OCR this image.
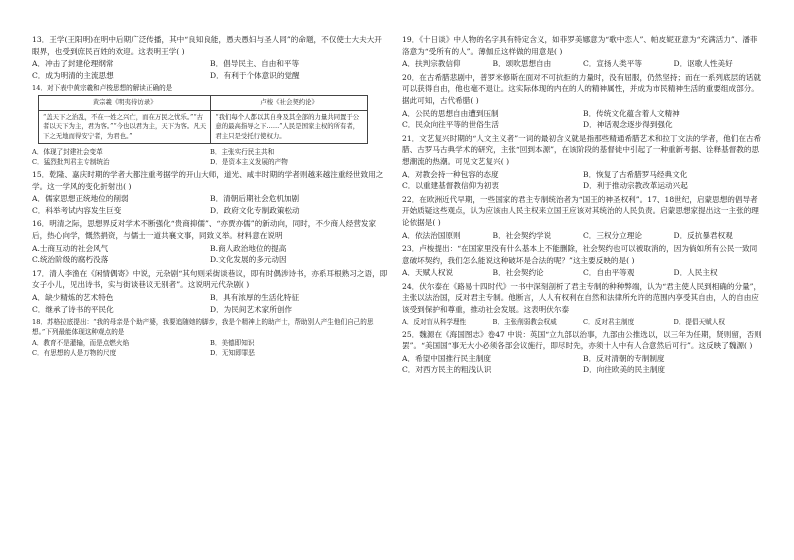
13．王学(王阳明)在明中后期广泛传播，其中“良知良能，愚夫愚妇与圣人同”的命题，不仅使士大夫大开眼界，也受到庶民百姓的欢迎。这表明王学( )

A．冲击了封建伦理纲常	B．倡导民主、自由和平等
C．成为明清的主流思想	D．有利于个体意识的觉醒

14．对下表中黄宗羲和卢梭思想的解读正确的是

黄宗羲《明夷待访录》	卢梭《社会契约论》
“盖天下之治乱，不在一姓之兴亡，而在万民之忧乐。”“古者以天下为主，君为客。”“今也以君为主，天下为客。凡天下之无地而得安宁者，为君也。”	“我们每个人都以其自身及其全部的力量共同置于公意的最高指导之下……”人民是国家主权的所有者，君主只是受托行使权力。
A．体现了封建社会变革	B．主张实行民主共和
C．猛烈批判君主专制统治	D．是资本主义发展的产物

15．乾隆、嘉庆时期的学者大都注重考据学的开山大师，道光、咸丰时期的学者则越来越注重经世致用之学。这一学风的变化折射出( )

A．儒家思想正统地位的削弱	B．清朝后期社会危机加剧
C．科举考试内容发生巨变	D．政府文化专制政策松动

16．明清之际，思想界反对学术不断强化“贵商抑儒”、“亦贾亦儒”的新动向，同时，不少商人经营发家后，热心向学，慨然捐资，与儒士一道共襄文事，同致义举。材料意在说明

A.士商互动的社会风气	B.商人政治地位的提高
C.统治阶级的腐朽没落	D.文化发展的多元动因

17．清人李渔在《闲情偶寄》中说，元杂剧“其句则采街谈巷议，即有时偶涉诗书，亦系耳根熟习之语，即女子小儿，见出诗书，实与街谈巷议无别者”。这说明元代杂剧( )

A．缺少精炼的艺术特色	B．具有浓厚的生活化特征
C．继承了诗书的平民化	D．为民间艺术家所创作

18．苏格拉底提出：“我的母亲是个助产婆，我要追随她的脚步，我是个精神上的助产士，帮助别人产生他们自己的思想。”下列最能体现这种观点的是

A．教育不是灌输，而是点燃火焰	B．美德即知识
C．有思想的人是万物的尺度	D．无知即罪恶

19．《十日谈》中人物的名字具有特定含义，如菲罗美娜意为“歌中恋人”、帕皮妮亚意为“充满活力”、潘菲洛意为“受所有的人”。薄伽丘这样做的用意是( )

A．扶判宗教信仰	B．颂吹思想自由	C．宣扬人类平等	D．讴歌人性美好

20．在古希腊悲剧中，普罗米修斯在面对不可抗拒的力量时，没有屈服，仍然坚持；而在一系列底层的话就可以获得自由，他也毫不退让。这实际体现的内在的人的精神属性，并成为市民精神生活的重要组成部分。据此可知，古代希腊( )

A．公民的思想自由遭到压制	B．传统文化蕴含着人文精神
C．民众向往平等的世俗生活	D．神话观念逐步得到强化

21．文艺复兴时期的“人文主义者”一词的最初含义就是指那些精通希腊艺术和拉丁文法的学者，他们在古希腊、古罗马古典学术的研究，主张“回到本源”，在该阶段的基督徒中引起了一种重新考据、诠释基督教的思想潮流的热潮。可见文艺复兴( )

A．对教会持一种包容的态度	B．恢复了古希腊罗马经典文化
C．以重建基督教信仰为初衷	D．利于推动宗教改革运动兴起

22．在欧洲近代早期，一些国家的君主专制统治者为“国王的神圣权利”。17、18世纪，启蒙思想的倡导者开始质疑这些观点，认为应该由人民主权来立国王应该对其统治的人民负责。启蒙思想家提出这一主张的理论依据是( )

A．依法治国原则	B．社会契约学说	C．三权分立理论	D．反抗暴君权观

23．卢梭提出：“在国家里没有什么基本上不能删除，社会契约也可以被取消的，因为倘如所有公民一致同意破坏契约，我们怎么能说这种破坏是合法的呢？”这主要反映的是( )

A．天赋人权说	B．社会契约论	C．自由平等观	D．人民主权

24．伏尔泰在《路易十四时代》一书中深刻剖析了君主专制的种种弊端，认为“君主使人民到相确的分量”，主张以法治国，反对君主专制。他断言，人人有权利在自然和法律所允许的范围内享受其自由，人的自由应该受到保护和尊重，推动社会发展。这表明伏尔泰

A．反对盲从科学理性	B．主张削弱教会权威	C．反对君主制度	D．提倡天赋人权

25．魏源在《海国图志》卷47 中说：英国“立九部以治事，九部由公推选以，以三年为任期，贤则留，否则罢”。“美国国“事无大小必须各部会议施行，即尽时先，亦须十人中有人合意然后可行”。这反映了魏源( )

A．希望中国推行民主制度	B．反对清朝的专制制度
C．对西方民主的粗浅认识	D．向往欧美的民主制度
